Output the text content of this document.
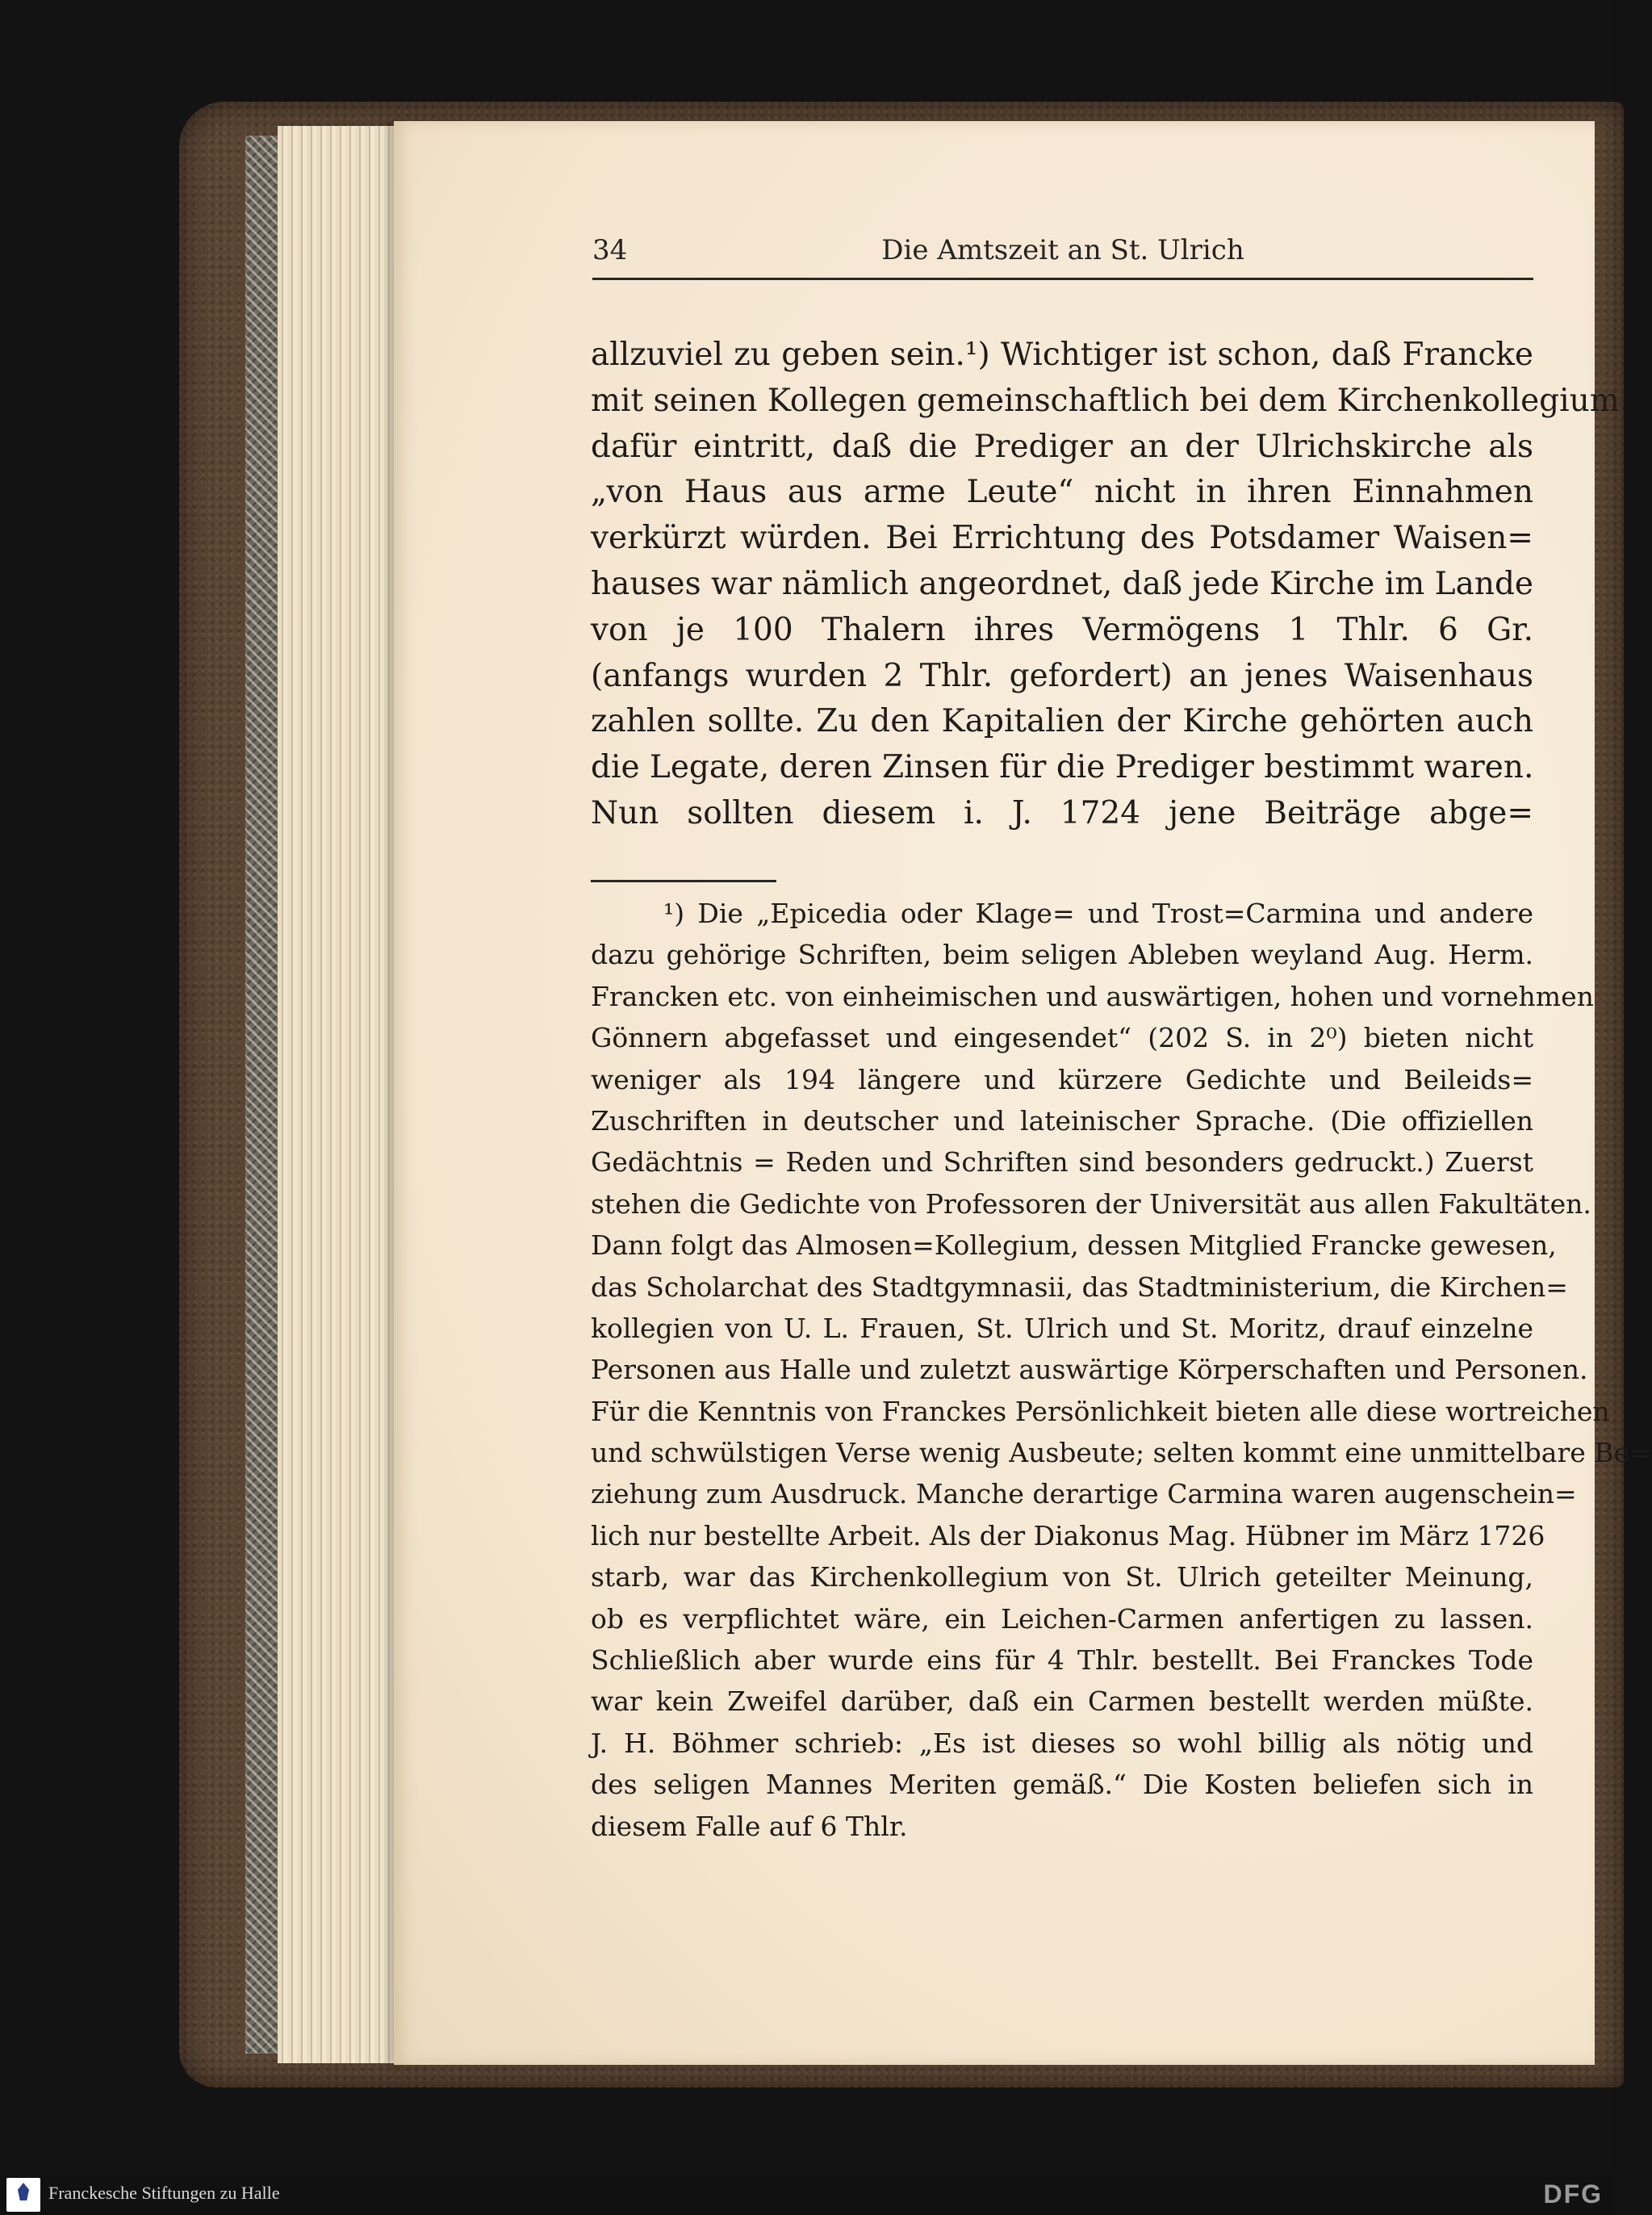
34	Die Amtszeit an St. Ulrich
allzuviel zu geben sein.¹) Wichtiger ist schon, daß Francke
mit seinen Kollegen gemeinschaftlich bei dem Kirchenkollegium
dafür eintritt, daß die Prediger an der Ulrichskirche als
„von Haus aus arme Leute“ nicht in ihren Einnahmen
verkürzt würden. Bei Errichtung des Potsdamer Waisen=
hauses war nämlich angeordnet, daß jede Kirche im Lande
von je 100 Thalern ihres Vermögens 1 Thlr. 6 Gr.
(anfangs wurden 2 Thlr. gefordert) an jenes Waisenhaus
zahlen sollte. Zu den Kapitalien der Kirche gehörten auch
die Legate, deren Zinsen für die Prediger bestimmt waren.
Nun sollten diesem i. J. 1724 jene Beiträge abge=
¹) Die „Epicedia oder Klage= und Trost=Carmina und andere
dazu gehörige Schriften, beim seligen Ableben weyland Aug. Herm.
Francken etc. von einheimischen und auswärtigen, hohen und vornehmen
Gönnern abgefasset und eingesendet“ (202 S. in 2⁰) bieten nicht
weniger als 194 längere und kürzere Gedichte und Beileids=
Zuschriften in deutscher und lateinischer Sprache. (Die offiziellen
Gedächtnis = Reden und Schriften sind besonders gedruckt.) Zuerst
stehen die Gedichte von Professoren der Universität aus allen Fakultäten.
Dann folgt das Almosen=Kollegium, dessen Mitglied Francke gewesen,
das Scholarchat des Stadtgymnasii, das Stadtministerium, die Kirchen=
kollegien von U. L. Frauen, St. Ulrich und St. Moritz, drauf einzelne
Personen aus Halle und zuletzt auswärtige Körperschaften und Personen.
Für die Kenntnis von Franckes Persönlichkeit bieten alle diese wortreichen
und schwülstigen Verse wenig Ausbeute; selten kommt eine unmittelbare Be=
ziehung zum Ausdruck. Manche derartige Carmina waren augenschein=
lich nur bestellte Arbeit. Als der Diakonus Mag. Hübner im März 1726
starb, war das Kirchenkollegium von St. Ulrich geteilter Meinung,
ob es verpflichtet wäre, ein Leichen-Carmen anfertigen zu lassen.
Schließlich aber wurde eins für 4 Thlr. bestellt. Bei Franckes Tode
war kein Zweifel darüber, daß ein Carmen bestellt werden müßte.
J. H. Böhmer schrieb: „Es ist dieses so wohl billig als nötig und
des seligen Mannes Meriten gemäß.“ Die Kosten beliefen sich in
diesem Falle auf 6 Thlr.
Franckesche Stiftungen zu Halle	DFG
